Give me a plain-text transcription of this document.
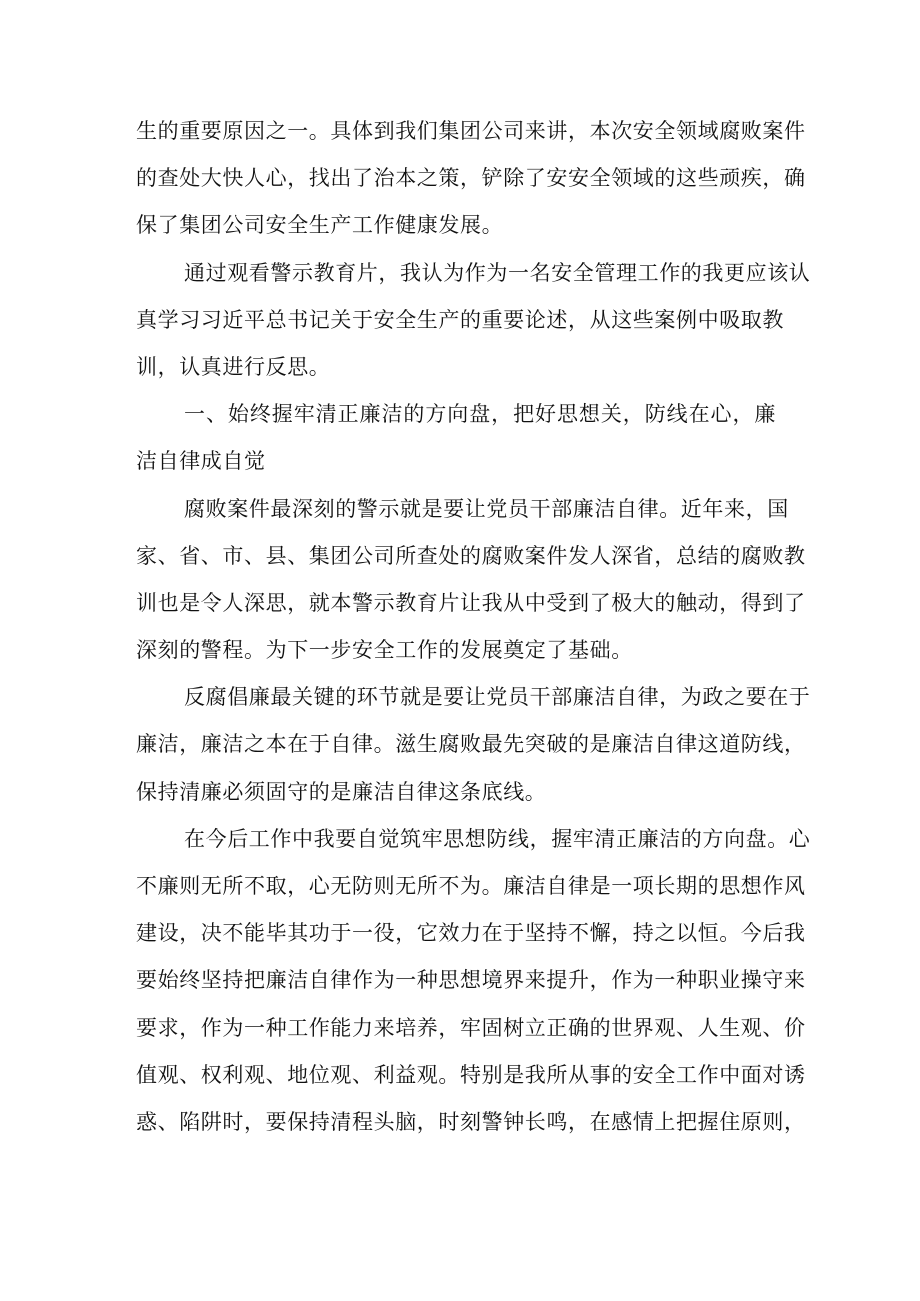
生的重要原因之一。具体到我们集团公司来讲，本次安全领域腐败案件
的查处大快人心，找出了治本之策，铲除了安安全领域的这些顽疾，确
保了集团公司安全生产工作健康发展。
通过观看警示教育片，我认为作为一名安全管理工作的我更应该认
真学习习近平总书记关于安全生产的重要论述，从这些案例中吸取教
训，认真进行反思。
一、始终握牢清正廉洁的方向盘，把好思想关，防线在心，廉
洁自律成自觉
腐败案件最深刻的警示就是要让党员干部廉洁自律。近年来，国
家、省、市、县、集团公司所查处的腐败案件发人深省，总结的腐败教
训也是令人深思，就本警示教育片让我从中受到了极大的触动，得到了
深刻的警程。为下一步安全工作的发展奠定了基础。
反腐倡廉最关键的环节就是要让党员干部廉洁自律，为政之要在于
廉洁，廉洁之本在于自律。滋生腐败最先突破的是廉洁自律这道防线，
保持清廉必须固守的是廉洁自律这条底线。
在今后工作中我要自觉筑牢思想防线，握牢清正廉洁的方向盘。心
不廉则无所不取，心无防则无所不为。廉洁自律是一项长期的思想作风
建设，决不能毕其功于一役，它效力在于坚持不懈，持之以恒。今后我
要始终坚持把廉洁自律作为一种思想境界来提升，作为一种职业操守来
要求，作为一种工作能力来培养，牢固树立正确的世界观、人生观、价
值观、权利观、地位观、利益观。特别是我所从事的安全工作中面对诱
惑、陷阱时，要保持清程头脑，时刻警钟长鸣，在感情上把握住原则，
